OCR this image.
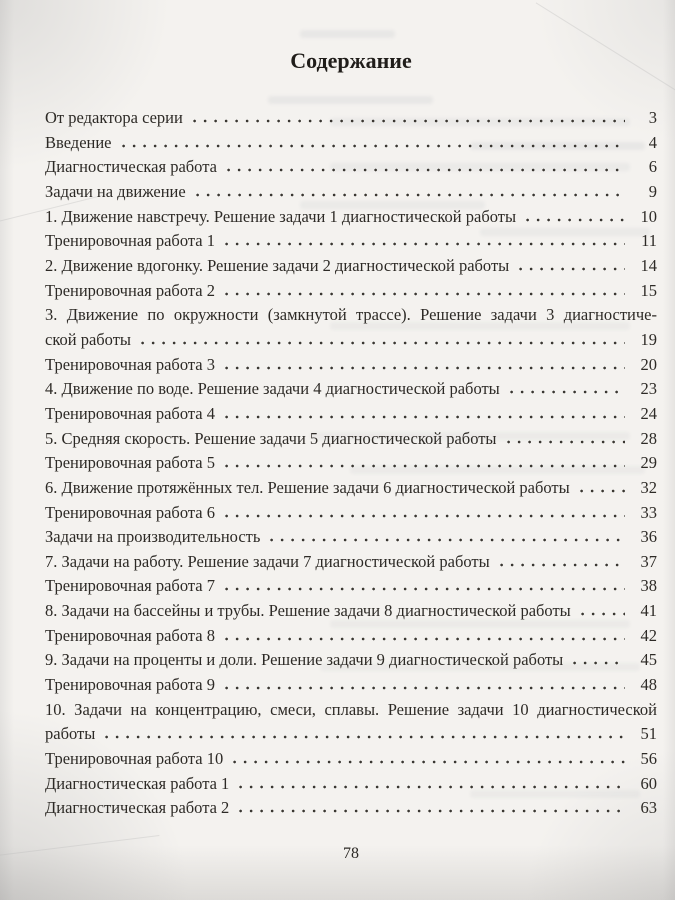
Содержание
От редактора серии	3
Введение	4
Диагностическая работа	6
Задачи на движение	9
1. Движение навстречу. Решение задачи 1 диагностической работы	10
Тренировочная работа 1	11
2. Движение вдогонку. Решение задачи 2 диагностической работы	14
Тренировочная работа 2	15
3. Движение по окружности (замкнутой трассе). Решение задачи 3 диагностиче-
ской работы	19
Тренировочная работа 3	20
4. Движение по воде. Решение задачи 4 диагностической работы	23
Тренировочная работа 4	24
5. Средняя скорость. Решение задачи 5 диагностической работы	28
Тренировочная работа 5	29
6. Движение протяжённых тел. Решение задачи 6 диагностической работы	32
Тренировочная работа 6	33
Задачи на производительность	36
7. Задачи на работу. Решение задачи 7 диагностической работы	37
Тренировочная работа 7	38
8. Задачи на бассейны и трубы. Решение задачи 8 диагностической работы	41
Тренировочная работа 8	42
9. Задачи на проценты и доли. Решение задачи 9 диагностической работы	45
Тренировочная работа 9	48
10. Задачи на концентрацию, смеси, сплавы. Решение задачи 10 диагностической
работы	51
Тренировочная работа 10	56
Диагностическая работа 1	60
Диагностическая работа 2	63
78
